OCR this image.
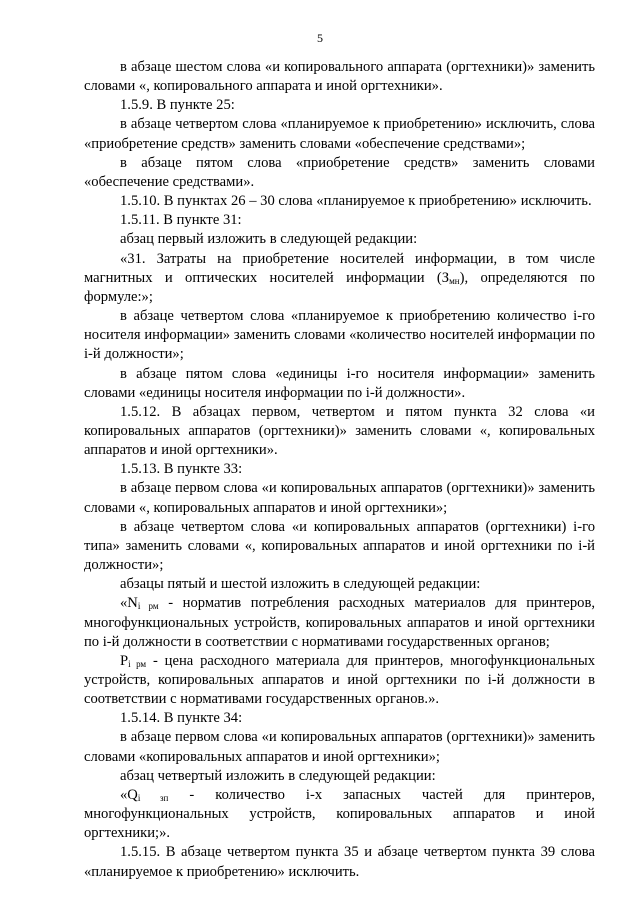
5

в абзаце шестом слова «и копировального аппарата (оргтехники)» заменить словами «, копировального аппарата и иной оргтехники».

1.5.9. В пункте 25:

в абзаце четвертом слова «планируемое к приобретению» исключить, слова «приобретение средств» заменить словами «обеспечение средствами»;

в абзаце пятом слова «приобретение средств» заменить словами «обеспечение средствами».

1.5.10. В пунктах 26 – 30 слова «планируемое к приобретению» исключить.

1.5.11. В пункте 31:

абзац первый изложить в следующей редакции:

«31. Затраты на приобретение носителей информации, в том числе магнитных и оптических носителей информации $(З_{мн})$, определяются по формуле:»;

в абзаце четвертом слова «планируемое к приобретению количество i-го носителя информации» заменить словами «количество носителей информации по i-й должности»;

в абзаце пятом слова «единицы i-го носителя информации» заменить словами «единицы носителя информации по i-й должности».

1.5.12. В абзацах первом, четвертом и пятом пункта 32 слова «и копировальных аппаратов (оргтехники)» заменить словами «, копировальных аппаратов и иной оргтехники».

1.5.13. В пункте 33:

в абзаце первом слова «и копировальных аппаратов (оргтехники)» заменить словами «, копировальных аппаратов и иной оргтехники»;

в абзаце четвертом слова «и копировальных аппаратов (оргтехники) i-го типа» заменить словами «, копировальных аппаратов и иной оргтехники по i-й должности»;

абзацы пятый и шестой изложить в следующей редакции:

«$N_{i рм}$ - норматив потребления расходных материалов для принтеров, многофункциональных устройств, копировальных аппаратов и иной оргтехники по i-й должности в соответствии с нормативами государственных органов;

$P_{i рм}$ - цена расходного материала для принтеров, многофункциональных устройств, копировальных аппаратов и иной оргтехники по i-й должности в соответствии с нормативами государственных органов.».

1.5.14. В пункте 34:

в абзаце первом слова «и копировальных аппаратов (оргтехники)» заменить словами «копировальных аппаратов и иной оргтехники»;

абзац четвертый изложить в следующей редакции:

«$Q_{i зп}$ - количество i-х запасных частей для принтеров, многофункциональных устройств, копировальных аппаратов и иной оргтехники;».

1.5.15. В абзаце четвертом пункта 35 и абзаце четвертом пункта 39 слова «планируемое к приобретению» исключить.
